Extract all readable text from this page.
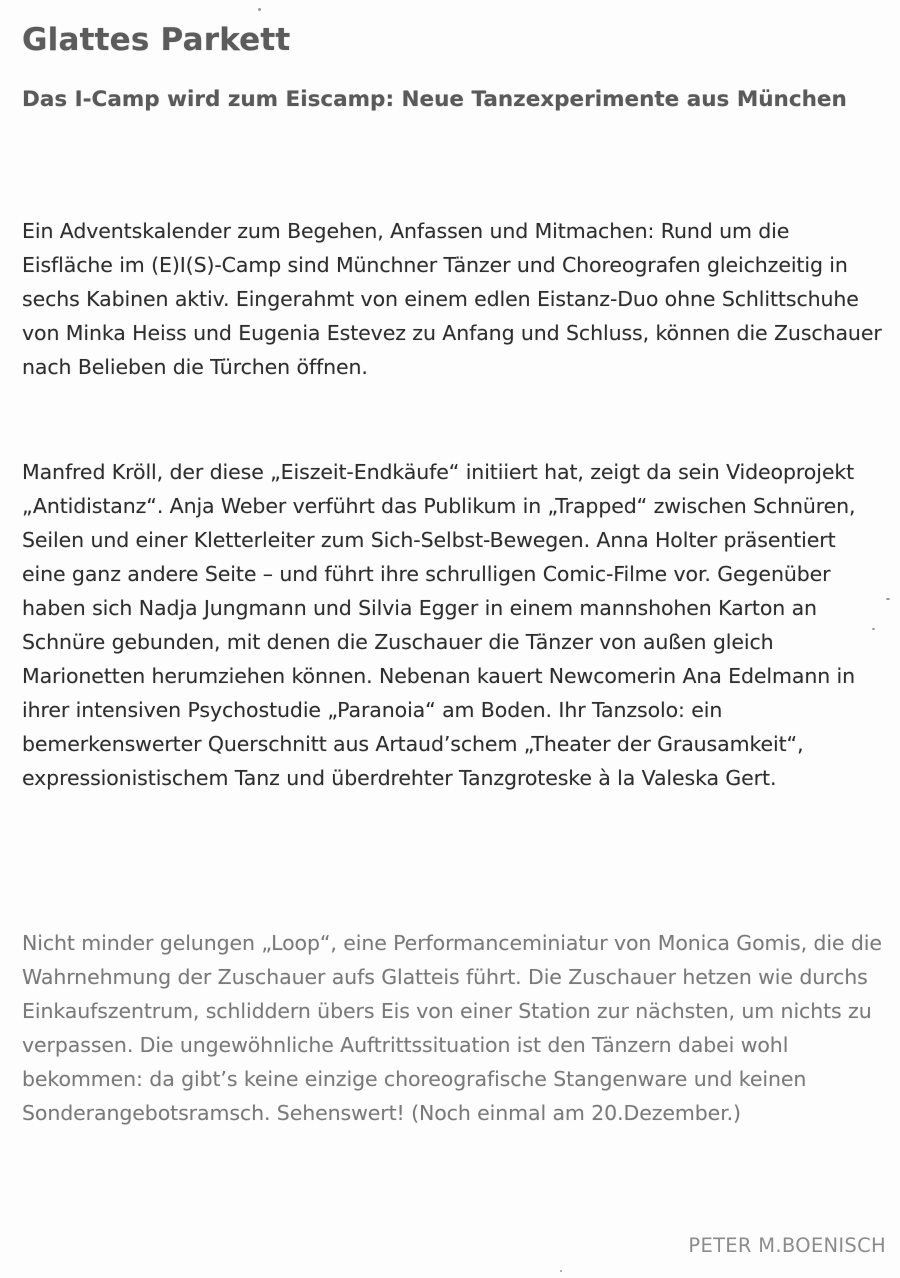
Glattes Parkett
Das I-Camp wird zum Eiscamp: Neue Tanzexperimente aus München

Ein Adventskalender zum Begehen, Anfassen und Mitmachen: Rund um die Eisfläche im (E)I(S)-Camp sind Münchner Tänzer und Choreografen gleichzeitig in sechs Kabinen aktiv. Eingerahmt von einem edlen Eistanz-Duo ohne Schlittschuhe von Minka Heiss und Eugenia Estevez zu Anfang und Schluss, können die Zuschauer nach Belieben die Türchen öffnen.

Manfred Kröll, der diese „Eiszeit-Endkäufe“ initiiert hat, zeigt da sein Videoprojekt „Antidistanz“. Anja Weber verführt das Publikum in „Trapped“ zwischen Schnüren, Seilen und einer Kletterleiter zum Sich-Selbst-Bewegen. Anna Holter präsentiert eine ganz andere Seite – und führt ihre schrulligen Comic-Filme vor. Gegenüber haben sich Nadja Jungmann und Silvia Egger in einem mannshohen Karton an Schnüre gebunden, mit denen die Zuschauer die Tänzer von außen gleich Marionetten herumziehen können. Nebenan kauert Newcomerin Ana Edelmann in ihrer intensiven Psychostudie „Paranoia“ am Boden. Ihr Tanzsolo: ein bemerkenswerter Querschnitt aus Artaud’schem „Theater der Grausamkeit“, expressionistischem Tanz und überdrehter Tanzgroteske à la Valeska Gert.

Nicht minder gelungen „Loop“, eine Performanceminiatur von Monica Gomis, die die Wahrnehmung der Zuschauer aufs Glatteis führt. Die Zuschauer hetzen wie durchs Einkaufszentrum, schliddern übers Eis von einer Station zur nächsten, um nichts zu verpassen. Die ungewöhnliche Auftrittssituation ist den Tänzern dabei wohl bekommen: da gibt’s keine einzige choreografische Stangenware und keinen Sonderangebotsramsch. Sehenswert! (Noch einmal am 20.Dezember.)

PETER M.BOENISCH
